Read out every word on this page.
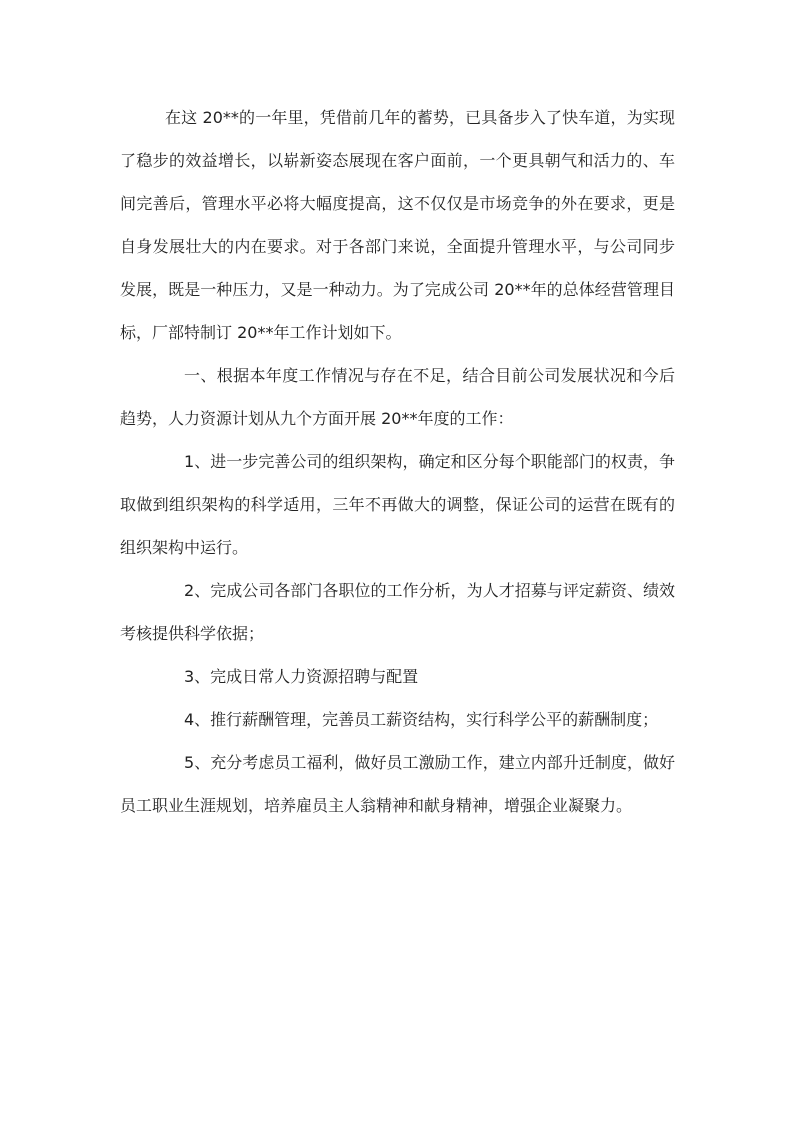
在这 20**的一年里，凭借前几年的蓄势，已具备步入了快车道，为实现了稳步的效益增长，以崭新姿态展现在客户面前，一个更具朝气和活力的、车间完善后，管理水平必将大幅度提高，这不仅仅是市场竞争的外在要求，更是自身发展壮大的内在要求。对于各部门来说，全面提升管理水平，与公司同步发展，既是一种压力，又是一种动力。为了完成公司 20**年的总体经营管理目标，厂部特制订 20**年工作计划如下。

一、根据本年度工作情况与存在不足，结合目前公司发展状况和今后趋势，人力资源计划从九个方面开展 20**年度的工作：

1、进一步完善公司的组织架构，确定和区分每个职能部门的权责，争取做到组织架构的科学适用，三年不再做大的调整，保证公司的运营在既有的组织架构中运行。

2、完成公司各部门各职位的工作分析，为人才招募与评定薪资、绩效考核提供科学依据；

3、完成日常人力资源招聘与配置

4、推行薪酬管理，完善员工薪资结构，实行科学公平的薪酬制度；

5、充分考虑员工福利，做好员工激励工作，建立内部升迁制度，做好员工职业生涯规划，培养雇员主人翁精神和献身精神，增强企业凝聚力。
